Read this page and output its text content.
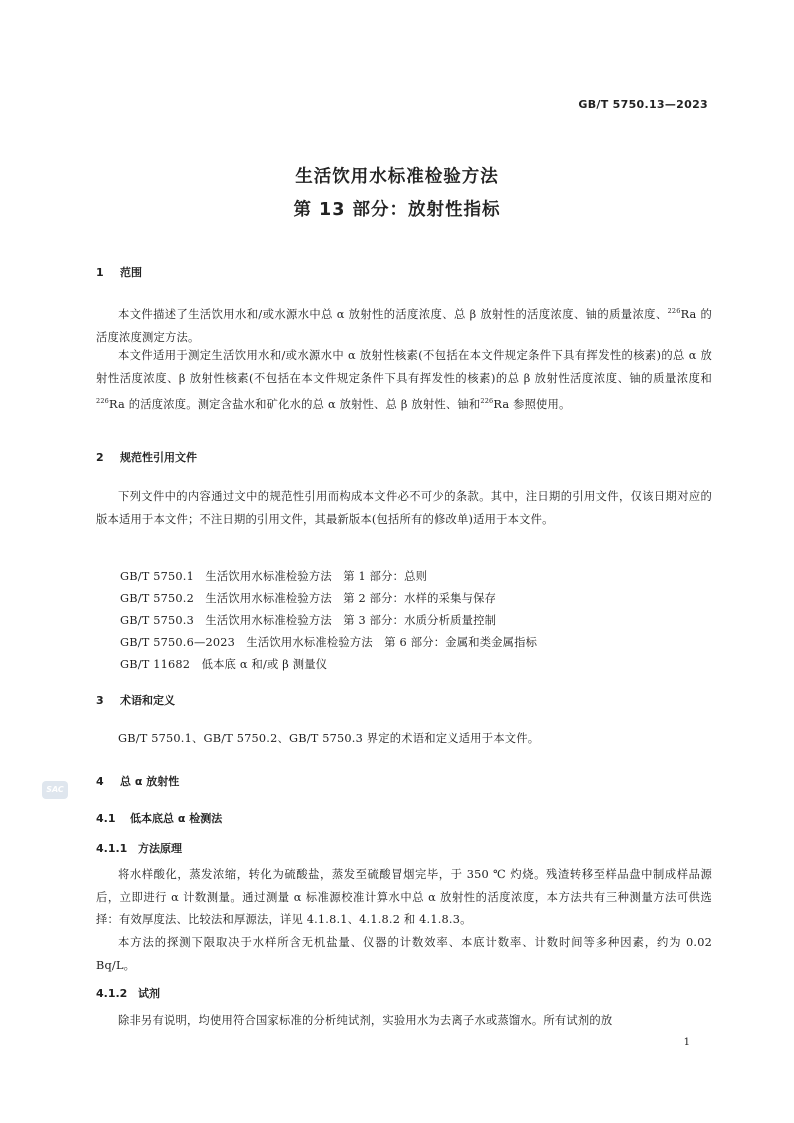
GB/T 5750.13—2023
生活饮用水标准检验方法
第 13 部分：放射性指标
1 范围
本文件描述了生活饮用水和/或水源水中总 α 放射性的活度浓度、总 β 放射性的活度浓度、铀的质量浓度、$^{226}$Ra 的活度浓度测定方法。
本文件适用于测定生活饮用水和/或水源水中 α 放射性核素(不包括在本文件规定条件下具有挥发性的核素)的总 α 放射性活度浓度、β 放射性核素(不包括在本文件规定条件下具有挥发性的核素)的总 β 放射性活度浓度、铀的质量浓度和$^{226}$Ra 的活度浓度。测定含盐水和矿化水的总 α 放射性、总 β 放射性、铀和$^{226}$Ra 参照使用。
2 规范性引用文件
下列文件中的内容通过文中的规范性引用而构成本文件必不可少的条款。其中，注日期的引用文件，仅该日期对应的版本适用于本文件；不注日期的引用文件，其最新版本(包括所有的修改单)适用于本文件。
GB/T 5750.1   生活饮用水标准检验方法   第 1 部分：总则
GB/T 5750.2   生活饮用水标准检验方法   第 2 部分：水样的采集与保存
GB/T 5750.3   生活饮用水标准检验方法   第 3 部分：水质分析质量控制
GB/T 5750.6—2023   生活饮用水标准检验方法   第 6 部分：金属和类金属指标
GB/T 11682   低本底 α 和/或 β 测量仪
3 术语和定义
GB/T 5750.1、GB/T 5750.2、GB/T 5750.3 界定的术语和定义适用于本文件。
SAC
4 总 α 放射性
4.1 低本底总 α 检测法
4.1.1 方法原理
将水样酸化，蒸发浓缩，转化为硫酸盐，蒸发至硫酸冒烟完毕，于 350 ℃ 灼烧。残渣转移至样品盘中制成样品源后，立即进行 α 计数测量。通过测量 α 标准源校准计算水中总 α 放射性的活度浓度，本方法共有三种测量方法可供选择：有效厚度法、比较法和厚源法，详见 4.1.8.1、4.1.8.2 和 4.1.8.3。
本方法的探测下限取决于水样所含无机盐量、仪器的计数效率、本底计数率、计数时间等多种因素，约为 0.02 Bq/L。
4.1.2 试剂
除非另有说明，均使用符合国家标准的分析纯试剂，实验用水为去离子水或蒸馏水。所有试剂的放
1
